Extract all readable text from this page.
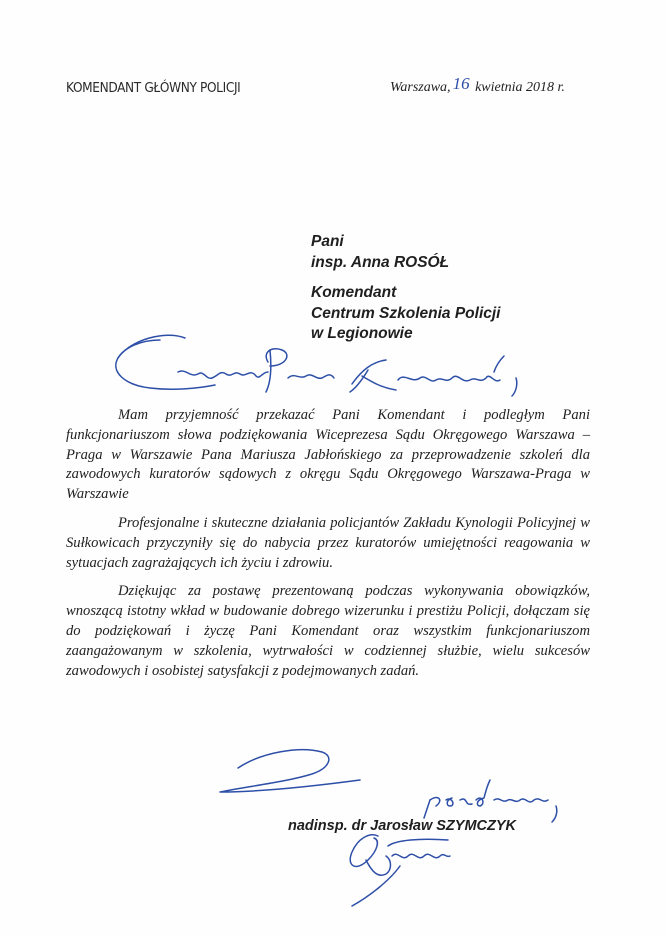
KOMENDANT GŁÓWNY POLICJI	Warszawa, 16 kwietnia 2018 r.
Pani
insp. Anna ROSÓŁ
Komendant
Centrum Szkolenia Policji
w Legionowie

Mam przyjemność przekazać Pani Komendant i podległym Pani funkcjonariuszom słowa podziękowania Wiceprezesa Sądu Okręgowego Warszawa – Praga w Warszawie Pana Mariusza Jabłońskiego za przeprowadzenie szkoleń dla zawodowych kuratorów sądowych z okręgu Sądu Okręgowego Warszawa-Praga w Warszawie

Profesjonalne i skuteczne działania policjantów Zakładu Kynologii Policyjnej w Sułkowicach przyczyniły się do nabycia przez kuratorów umiejętności reagowania w sytuacjach zagrażających ich życiu i zdrowiu.

Dziękując za postawę prezentowaną podczas wykonywania obowiązków, wnoszącą istotny wkład w budowanie dobrego wizerunku i prestiżu Policji, dołączam się do podziękowań i życzę Pani Komendant oraz wszystkim funkcjonariuszom zaangażowanym w szkolenia, wytrwałości w codziennej służbie, wielu sukcesów zawodowych i osobistej satysfakcji z podejmowanych zadań.

nadinsp. dr Jarosław SZYMCZYK
